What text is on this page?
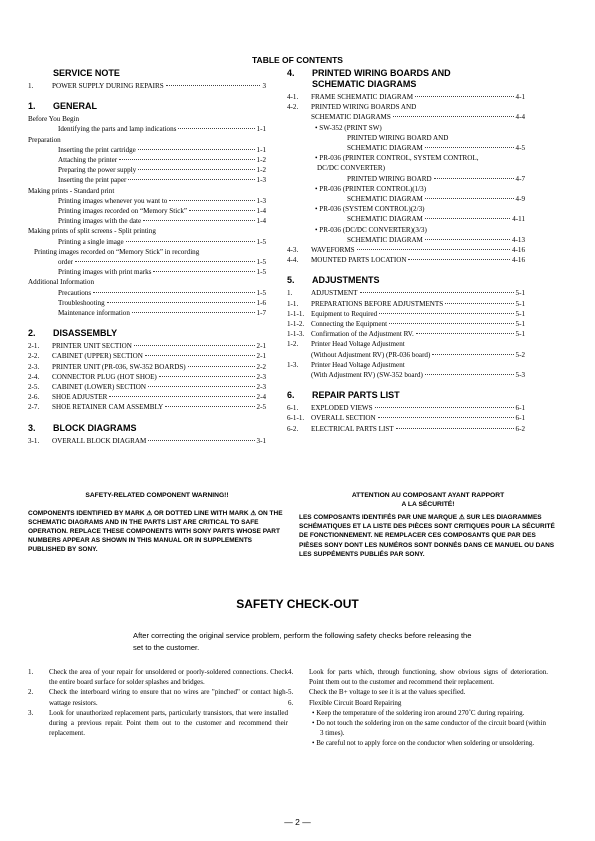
TABLE OF CONTENTS
SERVICE NOTE
1.	POWER SUPPLY DURING REPAIRS	3
1.	GENERAL
Before You Begin
Identifying the parts and lamp indications	1-1
Preparation
Inserting the print cartridge	1-1
Attaching the printer	1-2
Preparing the power supply	1-2
Inserting the print paper	1-3
Making prints - Standard print
Printing images whenever you want to	1-3
Printing images recorded on “Memory Stick”	1-4
Printing images with the date	1-4
Making prints of split screens - Split printing
Printing a single image	1-5
Printing images recorded on “Memory Stick” in recording
order	1-5
Printing images with print marks	1-5
Additional Information
Precautions	1-5
Troubleshooting	1-6
Maintenance information	1-7
2.	DISASSEMBLY
2-1.	PRINTER UNIT SECTION	2-1
2-2.	CABINET (UPPER) SECTION	2-1
2-3.	PRINTER UNIT (PR-036, SW-352 BOARDS)	2-2
2-4.	CONNECTOR PLUG (HOT SHOE)	2-3
2-5.	CABINET (LOWER) SECTION	2-3
2-6.	SHOE ADJUSTER	2-4
2-7.	SHOE RETAINER CAM ASSEMBLY	2-5
3.	BLOCK DIAGRAMS
3-1.	OVERALL BLOCK DIAGRAM	3-1
4.	PRINTED WIRING BOARDS AND
SCHEMATIC DIAGRAMS
4-1.	FRAME SCHEMATIC DIAGRAM	4-1
4-2.	PRINTED WIRING BOARDS AND
SCHEMATIC DIAGRAMS	4-4
• SW-352 (PRINT SW)
PRINTED WIRING BOARD AND
SCHEMATIC DIAGRAM	4-5
• PR-036 (PRINTER CONTROL, SYSTEM CONTROL,
DC/DC CONVERTER)
PRINTED WIRING BOARD	4-7
• PR-036 (PRINTER CONTROL)(1/3)
SCHEMATIC DIAGRAM	4-9
• PR-036 (SYSTEM CONTROL)(2/3)
SCHEMATIC DIAGRAM	4-11
• PR-036 (DC/DC CONVERTER)(3/3)
SCHEMATIC DIAGRAM	4-13
4-3.	WAVEFORMS	4-16
4-4.	MOUNTED PARTS LOCATION	4-16
5.	ADJUSTMENTS
1.	ADJUSTMENT	5-1
1-1.	PREPARATIONS BEFORE ADJUSTMENTS	5-1
1-1-1. Equipment to Required	5-1
1-1-2. Connecting the Equipment	5-1
1-1-3. Confirmation of the Adjustment RV.	5-1
1-2.	Printer Head Voltage Adjustment
(Without Adjustment RV) (PR-036 board)	5-2
1-3.	Printer Head Voltage Adjustment
(With Adjustment RV) (SW-352 board)	5-3
6.	REPAIR PARTS LIST
6-1.	EXPLODED VIEWS	6-1
6-1-1. OVERALL SECTION	6-1
6-2.	ELECTRICAL PARTS LIST	6-2
SAFETY-RELATED COMPONENT WARNING!!
COMPONENTS IDENTIFIED BY MARK ⚠ OR DOTTED LINE WITH MARK ⚠ ON THE SCHEMATIC DIAGRAMS AND IN THE PARTS LIST ARE CRITICAL TO SAFE OPERATION. REPLACE THESE COMPONENTS WITH SONY PARTS WHOSE PART NUMBERS APPEAR AS SHOWN IN THIS MANUAL OR IN SUPPLEMENTS PUBLISHED BY SONY.
ATTENTION AU COMPOSANT AYANT RAPPORT
A LA SÉCURITÉ!
LES COMPOSANTS IDENTIFÉS PAR UNE MARQUE ⚠ SUR LES DIAGRAMMES SCHÉMATIQUES ET LA LISTE DES PIÈCES SONT CRITIQUES POUR LA SÉCURITÉ DE FONCTIONNEMENT. NE REMPLACER CES COMPOSANTS QUE PAR DES PIÈSES SONY DONT LES NUMÉROS SONT DONNÉS DANS CE MANUEL OU DANS LES SUPPÉMENTS PUBLIÉS PAR SONY.
SAFETY CHECK-OUT
After correcting the original service problem, perform the following safety checks before releasing the set to the customer.
1.	Check the area of your repair for unsoldered or poorly-soldered connections. Check the entire board surface for solder splashes and bridges.
2.	Check the interboard wiring to ensure that no wires are "pinched" or contact high-wattage resistors.
3.	Look for unauthorized replacement parts, particularly transistors, that were installed during a previous repair. Point them out to the customer and recommend their replacement.
4.	Look for parts which, through functioning, show obvious signs of deterioration. Point them out to the customer and recommend their replacement.
5.	Check the B+ voltage to see it is at the values specified.
6.	Flexible Circuit Board Repairing
• Keep the temperature of the soldering iron around 270˚C during repairing.
• Do not touch the soldering iron on the same conductor of the circuit board (within 3 times).
• Be careful not to apply force on the conductor when soldering or unsoldering.
— 2 —
